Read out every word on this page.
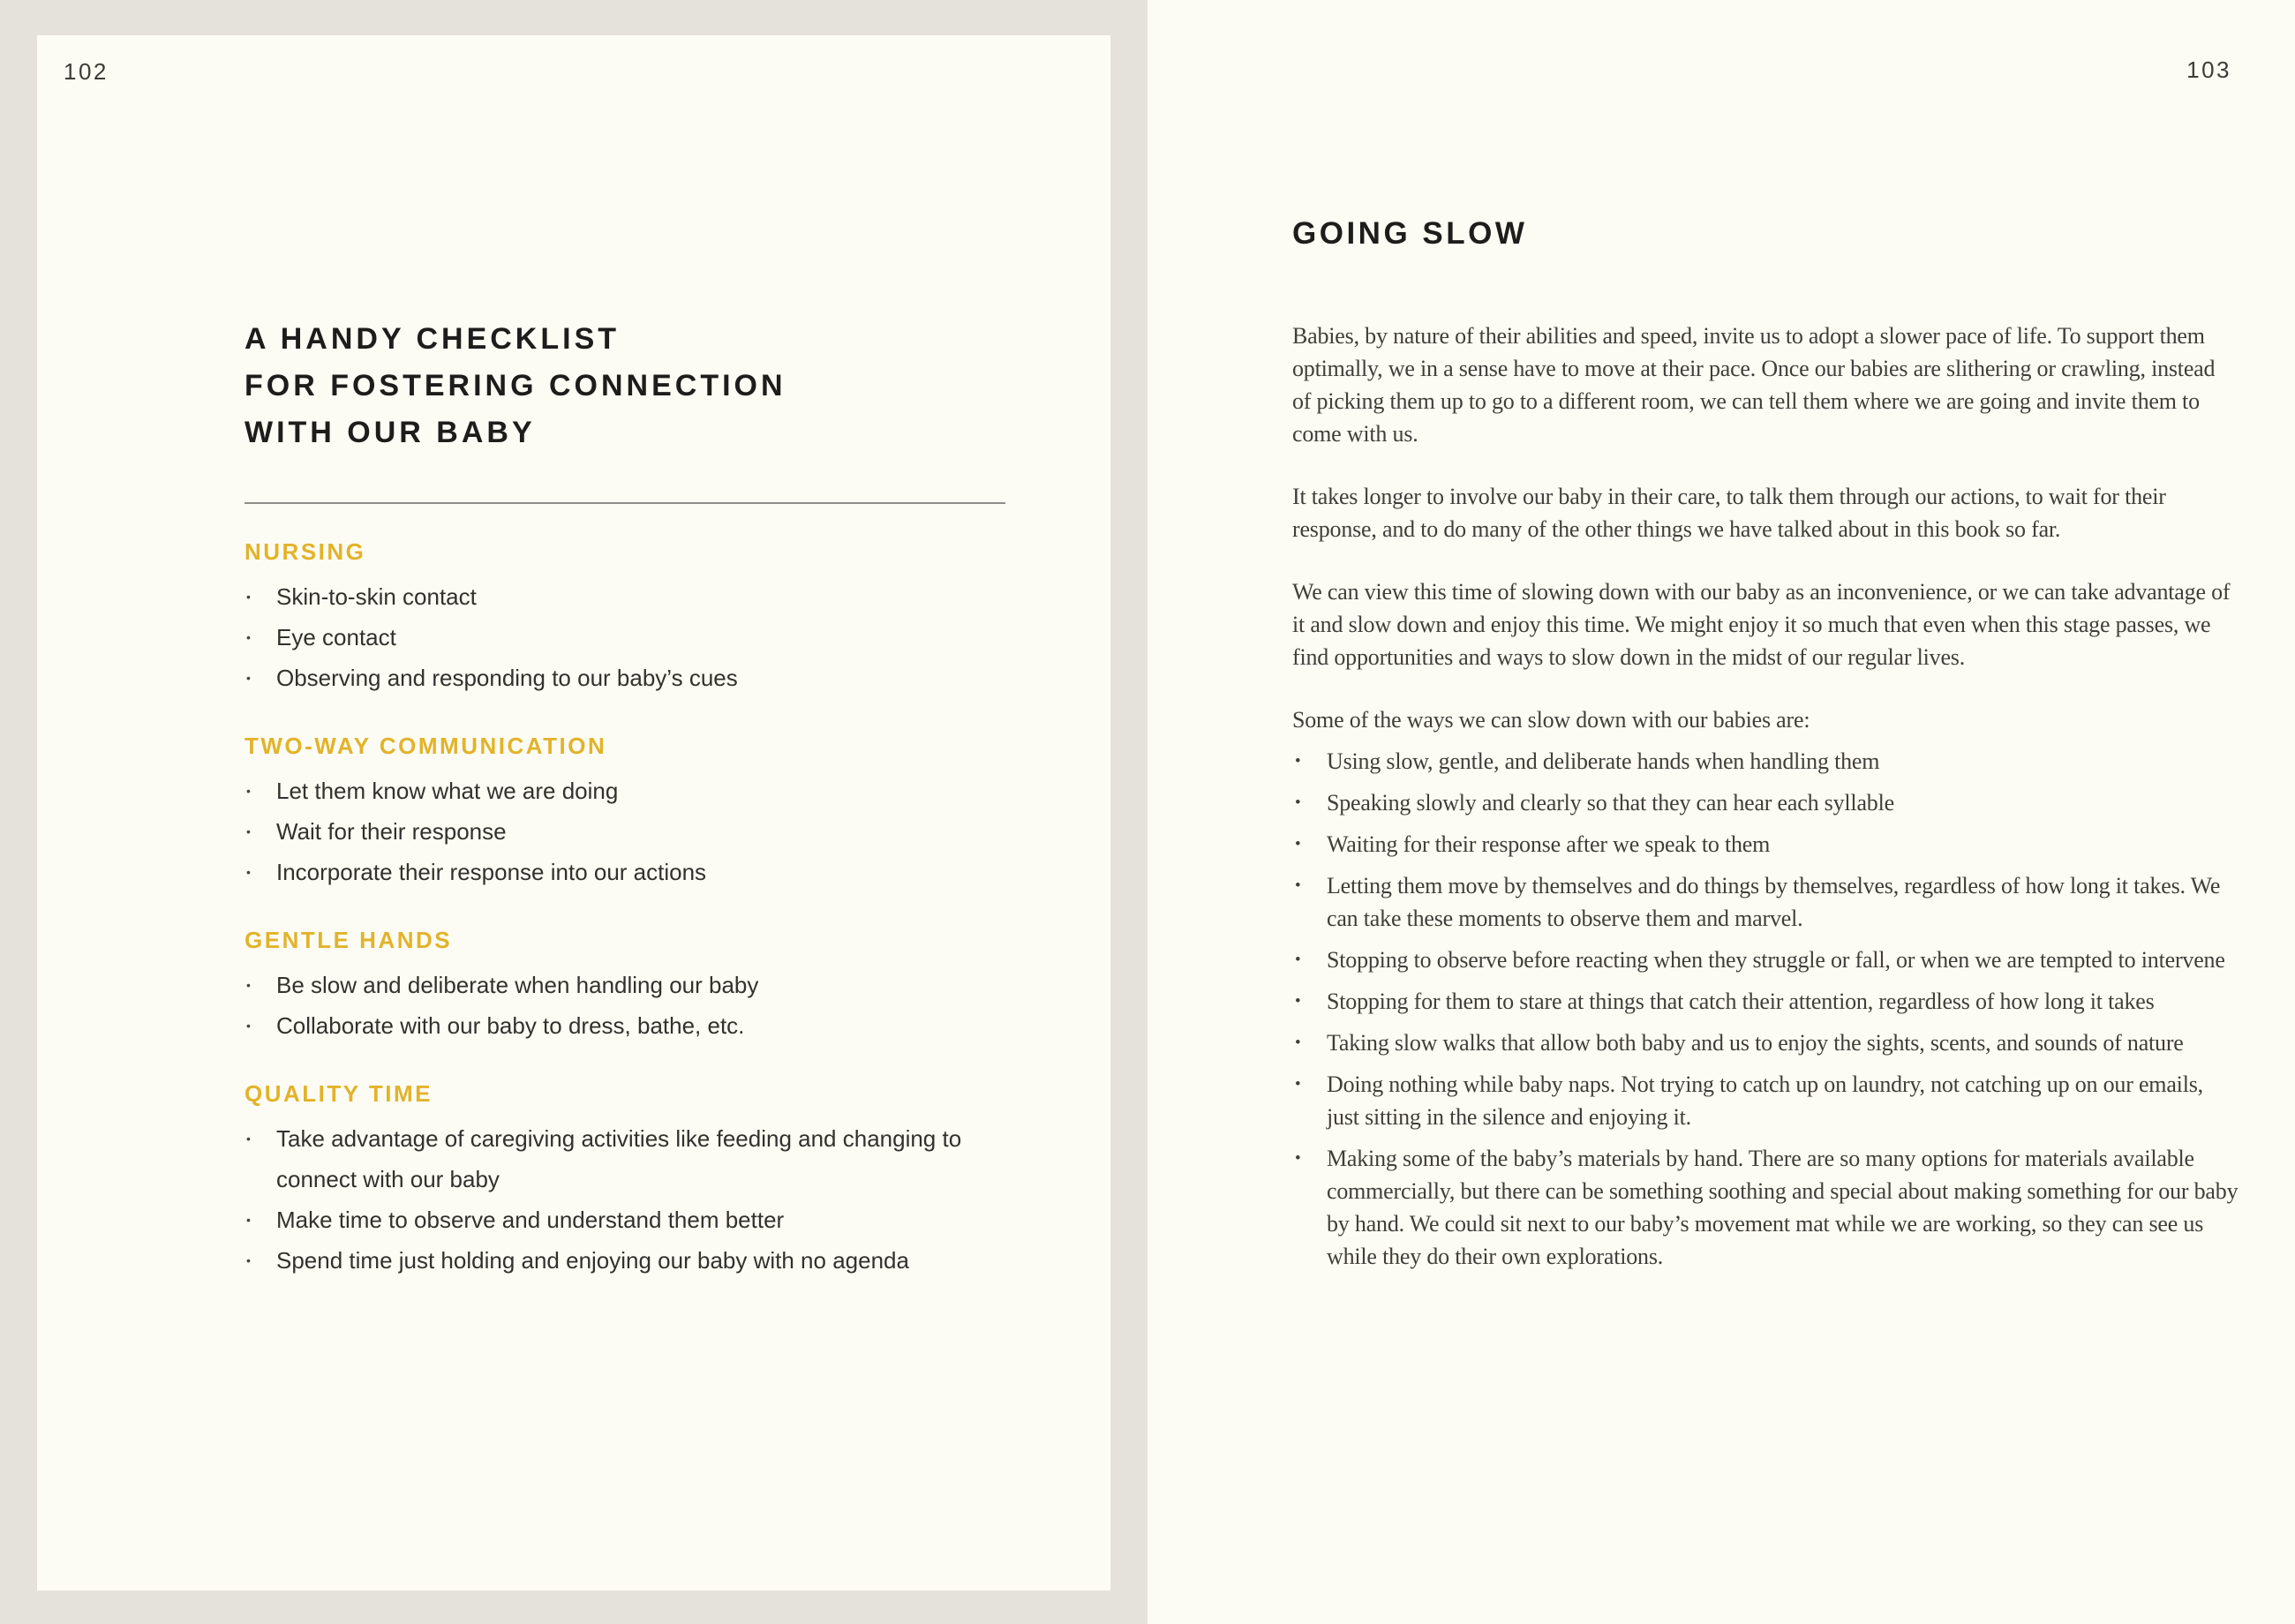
102
A HANDY CHECKLIST
FOR FOSTERING CONNECTION
WITH OUR BABY
NURSING
•	Skin-to-skin contact
•	Eye contact
•	Observing and responding to our baby’s cues
TWO-WAY COMMUNICATION
•	Let them know what we are doing
•	Wait for their response
•	Incorporate their response into our actions
GENTLE HANDS
•	Be slow and deliberate when handling our baby
•	Collaborate with our baby to dress, bathe, etc.
QUALITY TIME
•	Take advantage of caregiving activities like feeding and changing to connect with our baby
•	Make time to observe and understand them better
•	Spend time just holding and enjoying our baby with no agenda
103
GOING SLOW

Babies, by nature of their abilities and speed, invite us to adopt a slower pace of life. To support them optimally, we in a sense have to move at their pace. Once our babies are slithering or crawling, instead of picking them up to go to a different room, we can tell them where we are going and invite them to come with us.

It takes longer to involve our baby in their care, to talk them through our actions, to wait for their response, and to do many of the other things we have talked about in this book so far.

We can view this time of slowing down with our baby as an inconvenience, or we can take advantage of it and slow down and enjoy this time. We might enjoy it so much that even when this stage passes, we find opportunities and ways to slow down in the midst of our regular lives.

Some of the ways we can slow down with our babies are:

•	Using slow, gentle, and deliberate hands when handling them
•	Speaking slowly and clearly so that they can hear each syllable
•	Waiting for their response after we speak to them
•	Letting them move by themselves and do things by themselves, regardless of how long it takes. We can take these moments to observe them and marvel.
•	Stopping to observe before reacting when they struggle or fall, or when we are tempted to intervene
•	Stopping for them to stare at things that catch their attention, regardless of how long it takes
•	Taking slow walks that allow both baby and us to enjoy the sights, scents, and sounds of nature
•	Doing nothing while baby naps. Not trying to catch up on laundry, not catching up on our emails, just sitting in the silence and enjoying it.
•	Making some of the baby’s materials by hand. There are so many options for materials available commercially, but there can be something soothing and special about making something for our baby by hand. We could sit next to our baby’s movement mat while we are working, so they can see us while they do their own explorations.
